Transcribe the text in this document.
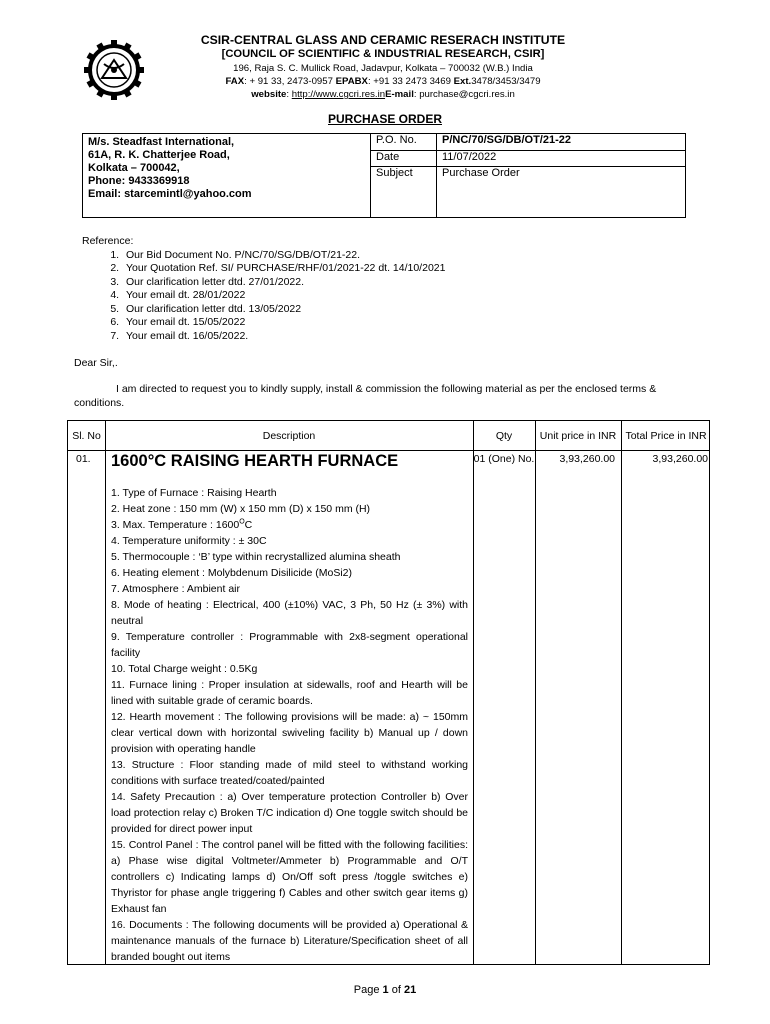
CSIR-CENTRAL GLASS AND CERAMIC RESERACH INSTITUTE
[COUNCIL OF SCIENTIFIC & INDUSTRIAL RESEARCH, CSIR]
196, Raja S. C. Mullick Road, Jadavpur, Kolkata – 700032 (W.B.) India
FAX: + 91 33, 2473-0957 EPABX: +91 33 2473 3469 Ext.3478/3453/3479
website: http://www.cgcri.res.inE-mail: purchase@cgcri.res.in
PURCHASE ORDER
M/s. Steadfast International,
61A, R. K. Chatterjee Road,
Kolkata – 700042,
Phone: 9433369918
Email: starcemintl@yahoo.com	P.O. No.	P/NC/70/SG/DB/OT/21-22
	Date	11/07/2022
	Subject	Purchase Order
Reference:
1. Our Bid Document No. P/NC/70/SG/DB/OT/21-22.
2. Your Quotation Ref. SI/ PURCHASE/RHF/01/2021-22 dt. 14/10/2021
3. Our clarification letter dtd. 27/01/2022.
4. Your email dt. 28/01/2022
5. Our clarification letter dtd. 13/05/2022
6. Your email dt. 15/05/2022
7. Your email dt. 16/05/2022.
Dear Sir,.
I am directed to request you to kindly supply, install & commission the following material as per the enclosed terms & conditions.
Sl. No	Description	Qty	Unit price in INR Total Price in INR
01. 1600°C RAISING HEARTH FURNACE	01 (One) No.	3,93,260.00	3,93,260.00
1. Type of Furnace : Raising Hearth
2. Heat zone : 150 mm (W) x 150 mm (D) x 150 mm (H)
3. Max. Temperature : $1600^OC$
4. Temperature uniformity : ± 30C
5. Thermocouple : ‘B’ type within recrystallized alumina sheath
6. Heating element : Molybdenum Disilicide (MoSi2)
7. Atmosphere : Ambient air
8. Mode of heating : Electrical, 400 (±10%) VAC, 3 Ph, 50 Hz (± 3%) with neutral
9. Temperature controller : Programmable with 2x8-segment operational facility
10. Total Charge weight : 0.5Kg
11. Furnace lining : Proper insulation at sidewalls, roof and Hearth will be lined with suitable grade of ceramic boards.
12. Hearth movement : The following provisions will be made: a) ~ 150mm clear vertical down with horizontal swiveling facility b) Manual up / down provision with operating handle
13. Structure : Floor standing made of mild steel to withstand working conditions with surface treated/coated/painted
14. Safety Precaution : a) Over temperature protection Controller b) Over load protection relay c) Broken T/C indication d) One toggle switch should be provided for direct power input
15. Control Panel : The control panel will be fitted with the following facilities: a) Phase wise digital Voltmeter/Ammeter b) Programmable and O/T controllers c) Indicating lamps d) On/Off soft press /toggle switches e) Thyristor for phase angle triggering f) Cables and other switch gear items g) Exhaust fan
16. Documents : The following documents will be provided a) Operational & maintenance manuals of the furnace b) Literature/Specification sheet of all branded bought out items
Page 1 of 21
